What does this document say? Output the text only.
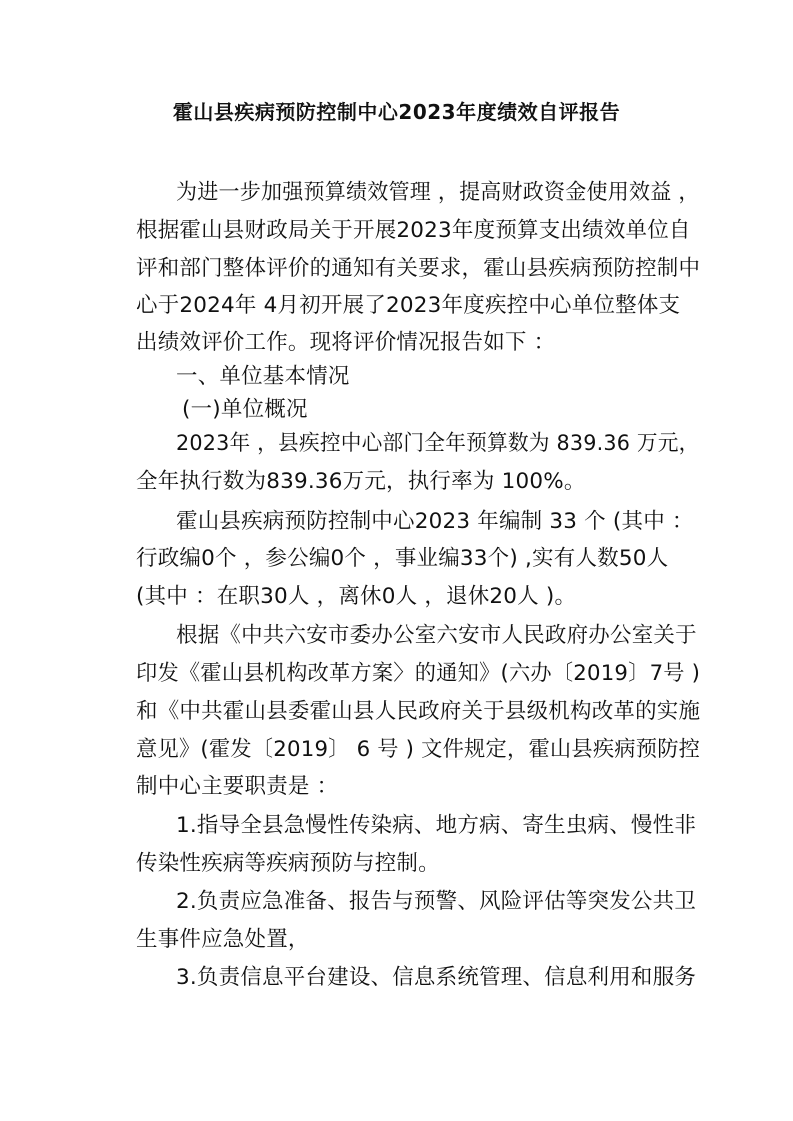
霍山县疾病预防控制中心2023年度绩效自评报告
为进一步加强预算绩效管理 ，提高财政资金使用效益 ，
根据霍山县财政局关于开展2023年度预算支出绩效单位自
评和部门整体评价的通知有关要求，霍山县疾病预防控制中
心于2024年 4月初开展了2023年度疾控中心单位整体支
出绩效评价工作。现将评价情况报告如下 ：
一、单位基本情况
(一)单位概况
2023年 ，县疾控中心部门全年预算数为 839.36 万元，
全年执行数为839.36万元，执行率为 100%。
霍山县疾病预防控制中心2023 年编制 33 个 (其中 ：
行政编0个 ，参公编0个 ，事业编33个) ,实有人数50人
(其中 ：在职30人 ，离休0人 ，退休20人 )。
根据《中共六安市委办公室六安市人民政府办公室关于
印发《霍山县机构改革方案〉的通知》(六办〔2019〕7号 )
和《中共霍山县委霍山县人民政府关于县级机构改革的实施
意见》(霍发〔2019〕 6 号 ) 文件规定，霍山县疾病预防控
制中心主要职责是 ：
1.指导全县急慢性传染病、地方病、寄生虫病、慢性非
传染性疾病等疾病预防与控制。
2.负责应急准备、报告与预警、风险评估等突发公共卫
生事件应急处置，
3.负责信息平台建设、信息系统管理、信息利用和服务
